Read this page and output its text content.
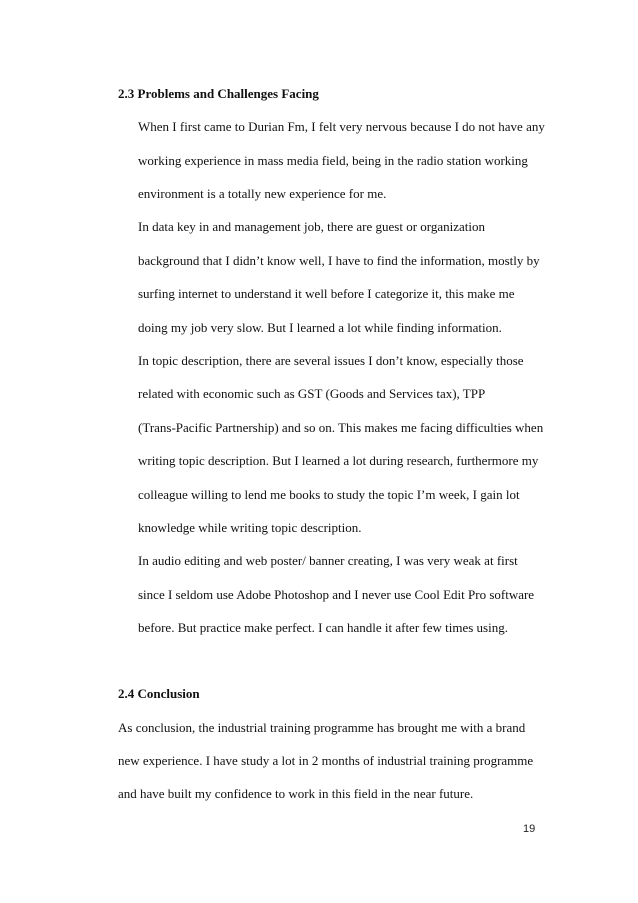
2.3 Problems and Challenges Facing
When I first came to Durian Fm, I felt very nervous because I do not have any
working experience in mass media field, being in the radio station working
environment is a totally new experience for me.
In data key in and management job, there are guest or organization
background that I didn’t know well, I have to find the information, mostly by
surfing internet to understand it well before I categorize it, this make me
doing my job very slow. But I learned a lot while finding information.
In topic description, there are several issues I don’t know, especially those
related with economic such as GST (Goods and Services tax), TPP
(Trans-Pacific Partnership) and so on. This makes me facing difficulties when
writing topic description. But I learned a lot during research, furthermore my
colleague willing to lend me books to study the topic I’m week, I gain lot
knowledge while writing topic description.
In audio editing and web poster/ banner creating, I was very weak at first
since I seldom use Adobe Photoshop and I never use Cool Edit Pro software
before. But practice make perfect. I can handle it after few times using.
2.4 Conclusion
As conclusion, the industrial training programme has brought me with a brand
new experience. I have study a lot in 2 months of industrial training programme
and have built my confidence to work in this field in the near future.
19
